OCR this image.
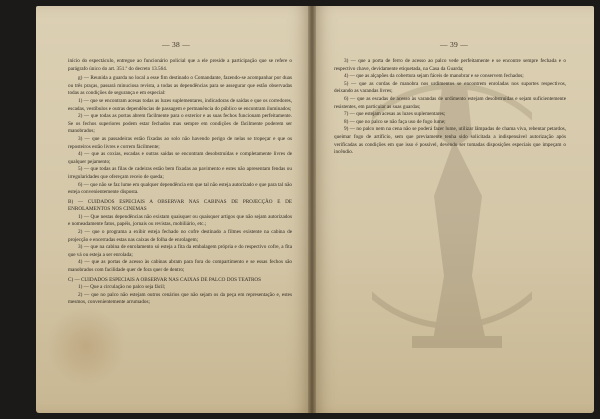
— 38 —

início do espectáculo, entregue ao funcionário policial que a ele preside a participação que se refere o parágrafo único do art. 351.º do decreto 13.564.

g) — Reunida a guarda no local a esse fim destinado o Comandante, fazendo-se acompanhar por duas ou três praças, passará minuciosa revista, a todas as dependências para se assegurar que estão observadas todas as condições de segurança e em especial:

1) — que se encontram acesas todas as luzes suplementares, indicadoras de saídas e que os corredores, escadas, vestíbulos e outras dependências de passagem e permanência do público se encontram iluminados;

2) — que todas as portas abrem fàcilmente para o exterior e as suas fechos funcionam perfeitamente. Se os fechos superiores podem estar fechados mas sempre em condições de fàcilmente poderem ser manobrados;

3) — que as passadeiras estão fixadas ao solo não havendo perigo de nelas se tropeçar e que os reposteiros estão livres e correm fàcilmente;

4) — que as coxias, escadas e outras saídas se encontram desobstruídas e completamente livres de qualquer pejamento;

5) — que todas as filas de cadeiras estão bem fixadas ao pavimento e estes não apresentam fendas ou irregularidades que ofereçam receio de queda;

6) — que não se faz lume em qualquer dependência em que tal não esteja autorizado e que para tal não esteja convenientemente disposta.

B) — CUIDADOS ESPECIAIS A OBSERVAR NAS CABINAS DE PROJECÇÃO E DE ENROLAMENTOS NOS CINEMAS

1) — Que nestas dependências não existam quaisquer ou quaisquer artigos que não sejam autorizados e nomeadamente fatos, papéis, jornais ou revistas, mobiliário, etc.;

2) — que o programa a exibir esteja fechado no cofre destinado a filmes existente na cabina de projecção e encerradas estas nas caixas de folha de enrolagem;

3) — que na cabina de enrolamento só esteja a fita da embalagem própria e do respectivo cofre, a fita que vá ou esteja a ser enrolada;

4) — que as portas de acesso às cabinas abram para fora do compartimento e se essas fechos são manobrados com facilidade quer de fora quer de dentro;

C) — CUIDADOS ESPECIAIS A OBSERVAR NAS CAIXAS DE PALCO DOS TEATROS

1) — Que a circulação no palco seja fácil;

2) — que no palco não estejam outros cenários que não sejam os da peça em representação e, estes mesmos, convenientemente arrumados;

— 39 —

3) — que a porta de ferro de acesso ao palco vede perfeitamente e se encontre sempre fechada e o respectivo chave, devidamente etiquetada, na Casa da Guarda;

4) — que as alçapões da cobertura sejam fáceis de manobrar e se conservem fechados;

5) — que as cordas de manobra nos urdimentos se encontrem enroladas nos suportes respectivos, deixando as varandas livres;

6) — que as escadas de acesso às varandas de urdimento estejam desobstruídas e sejam suficientemente resistentes, em particular as suas guardas;

7) — que estejam acesas as luzes suplementares;

8) — que no palco se não faça uso de fogo lume;

9) — no palco nem na cena não se poderá fazer lume, utilizar lâmpadas de chama viva, rebentar petardos, queimar fogo de artifício, sem que previamente tenha sido solicitada a indispensável autorização após verificadas as condições em que isso é possível, devendo ser tomadas disposições especiais que impeçam o incêndio.
